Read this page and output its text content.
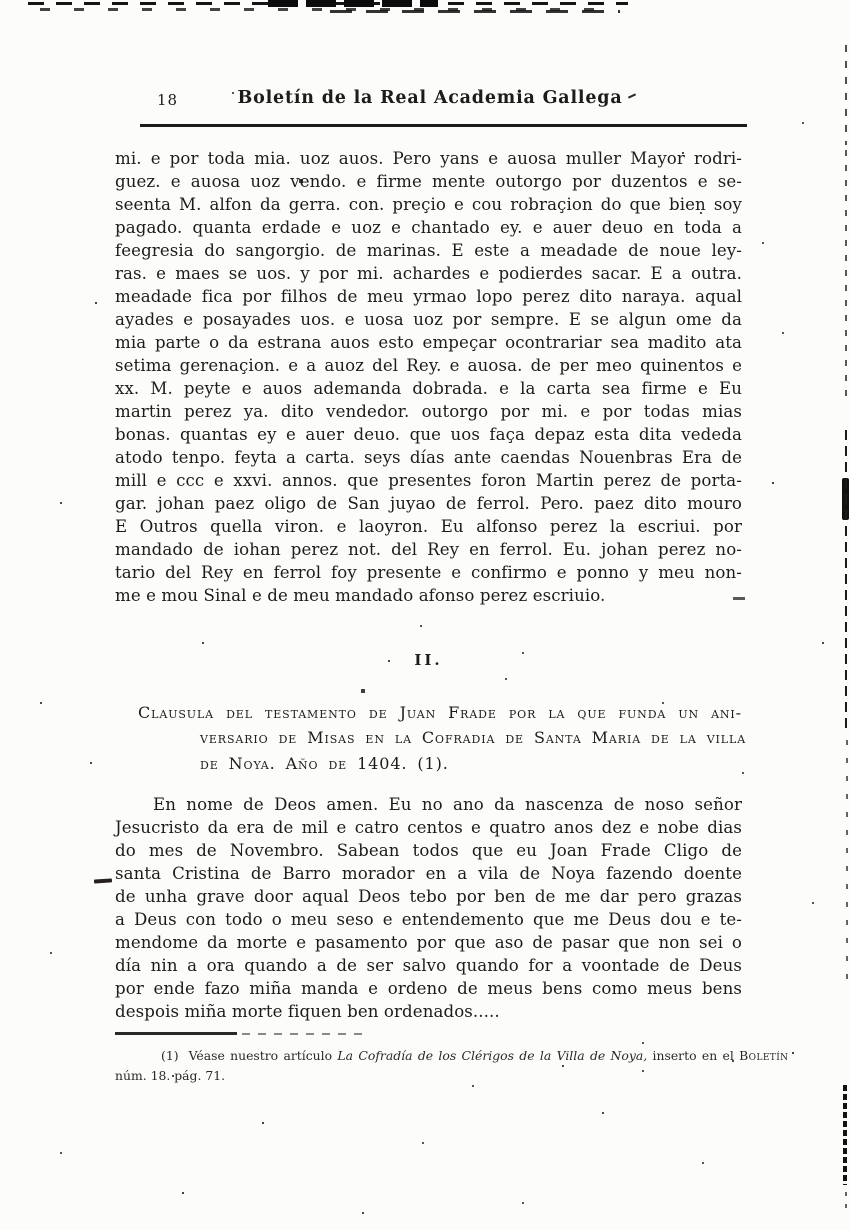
18	Boletín de la Real Academia Gallega
mi. e por toda mia. uoz auos. Pero yans e auosa muller Mayor rodri-
guez. e auosa uoz vendo. e firme mente outorgo por duzentos e se-
seenta M. alfon da gerra. con. preçio e cou robraçion do que bien soy
pagado. quanta erdade e uoz e chantado ey. e auer deuo en toda a
feegresia do sangorgio. de marinas. E este a meadade de noue ley-
ras. e maes se uos. y por mi. achardes e podierdes sacar. E a outra.
meadade fica por filhos de meu yrmao lopo perez dito naraya. aqual
ayades e posayades uos. e uosa uoz por sempre. E se algun ome da
mia parte o da estrana auos esto empeçar ocontrariar sea madito ata
setima gerenaçion. e a auoz del Rey. e auosa. de per meo quinentos e
xx. M. peyte e auos ademanda dobrada. e la carta sea firme e Eu
martin perez ya. dito vendedor. outorgo por mi. e por todas mias
bonas. quantas ey e auer deuo. que uos faça depaz esta dita vededa
atodo tenpo. feyta a carta. seys días ante caendas Nouenbras Era de
mill e ccc e xxvi. annos. que presentes foron Martin perez de porta-
gar. johan paez oligo de San juyao de ferrol. Pero. paez dito mouro
E Outros quella viron. e laoyron. Eu alfonso perez la escriui. por
mandado de iohan perez not. del Rey en ferrol. Eu. johan perez no-
tario del Rey en ferrol foy presente e confirmo e ponno y meu non-
me e mou Sinal e de meu mandado afonso perez escriuio.
II.
Clausula del testamento de Juan Frade por la que funda un ani-
versario de Misas en la Cofradia de Santa Maria de la villa
de Noya. Año de 1404. (1).
En nome de Deos amen. Eu no ano da nascenza de noso señor
Jesucristo da era de mil e catro centos e quatro anos dez e nobe dias
do mes de Novembro. Sabean todos que eu Joan Frade Cligo de
santa Cristina de Barro morador en a vila de Noya fazendo doente
de unha grave door aqual Deos tebo por ben de me dar pero grazas
a Deus con todo o meu seso e entendemento que me Deus dou e te-
mendome da morte e pasamento por que aso de pasar que non sei o
día nin a ora quando a de ser salvo quando for a voontade de Deus
por ende fazo miña manda e ordeno de meus bens como meus bens
despois miña morte fiquen ben ordenados.....
(1) Véase nuestro artículo La Cofradía de los Clérigos de la Villa de Noya, inserto en el Boletín
núm. 18. pág. 71.
